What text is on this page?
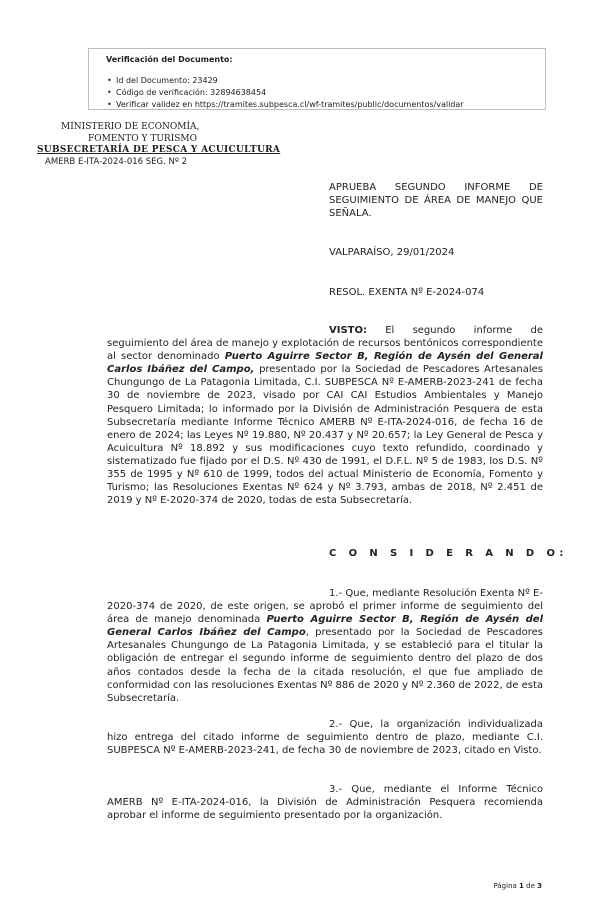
Verificación del Documento:
• Id del Documento: 23429
• Código de verificación: 32894638454
• Verificar validez en https://tramites.subpesca.cl/wf-tramites/public/documentos/validar
MINISTERIO DE ECONOMÍA,
FOMENTO Y TURISMO
SUBSECRETARÍA DE PESCA Y ACUICULTURA
AMERB E-ITA-2024-016 SEG. Nº 2
APRUEBA SEGUNDO INFORME DE SEGUIMIENTO DE ÁREA DE MANEJO QUE SEÑALA.
VALPARAÍSO, 29/01/2024
RESOL. EXENTA Nº E-2024-074

VISTO: El segundo informe de seguimiento del área de manejo y explotación de recursos bentónicos correspondiente al sector denominado Puerto Aguirre Sector B, Región de Aysén del General Carlos Ibáñez del Campo, presentado por la Sociedad de Pescadores Artesanales Chungungo de La Patagonia Limitada, C.I. SUBPESCA Nº E-AMERB-2023-241 de fecha 30 de noviembre de 2023, visado por CAI CAI Estudios Ambientales y Manejo Pesquero Limitada; lo informado por la División de Administración Pesquera de esta Subsecretaría mediante Informe Técnico AMERB Nº E-ITA-2024-016, de fecha 16 de enero de 2024; las Leyes Nº 19.880, Nº 20.437 y Nº 20.657; la Ley General de Pesca y Acuicultura Nº 18.892 y sus modificaciones cuyo texto refundido, coordinado y sistematizado fue fijado por el D.S. Nº 430 de 1991, el D.F.L. Nº 5 de 1983, los D.S. Nº 355 de 1995 y Nº 610 de 1999, todos del actual Ministerio de Economía, Fomento y Turismo; las Resoluciones Exentas Nº 624 y Nº 3.793, ambas de 2018, Nº 2.451 de 2019 y Nº E-2020-374 de 2020, todas de esta Subsecretaría.

C O N S I D E R A N D O:

1.- Que, mediante Resolución Exenta Nº E-2020-374 de 2020, de este origen, se aprobó el primer informe de seguimiento del área de manejo denominada Puerto Aguirre Sector B, Región de Aysén del General Carlos Ibáñez del Campo, presentado por la Sociedad de Pescadores Artesanales Chungungo de La Patagonia Limitada, y se estableció para el titular la obligación de entregar el segundo informe de seguimiento dentro del plazo de dos años contados desde la fecha de la citada resolución, el que fue ampliado de conformidad con las resoluciones Exentas Nº 886 de 2020 y Nº 2.360 de 2022, de esta Subsecretaría.

2.- Que, la organización individualizada hizo entrega del citado informe de seguimiento dentro de plazo, mediante C.I. SUBPESCA Nº E-AMERB-2023-241, de fecha 30 de noviembre de 2023, citado en Visto.

3.- Que, mediante el Informe Técnico AMERB Nº E-ITA-2024-016, la División de Administración Pesquera recomienda aprobar el informe de seguimiento presentado por la organización.

Página 1 de 3
